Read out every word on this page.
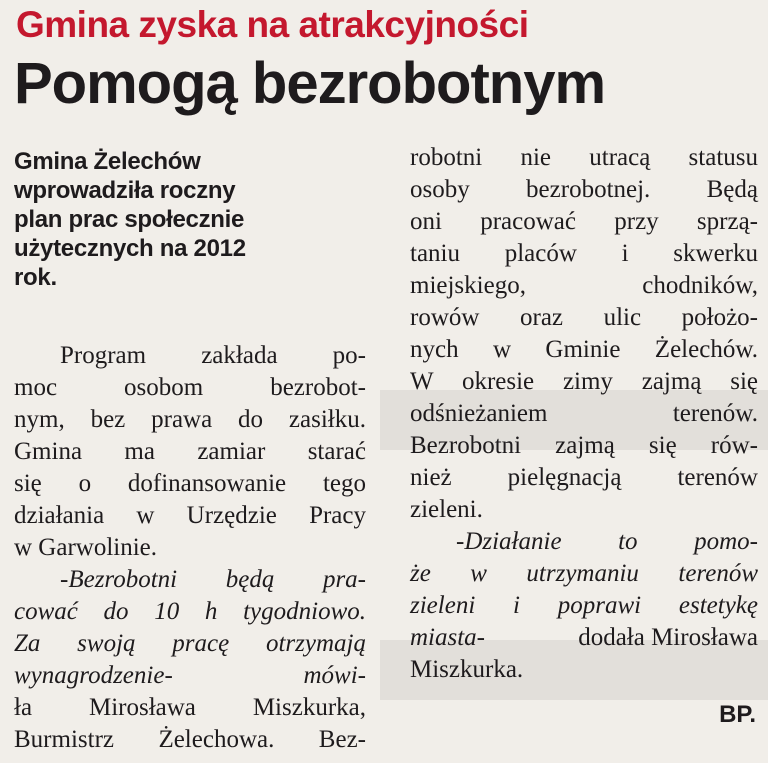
Gmina zyska na atrakcyjności
Pomogą bezrobotnym
Gmina Żelechów
wprowadziła roczny
plan prac społecznie
użytecznych na 2012
rok.
Program zakłada po-
moc osobom bezrobot-
nym, bez prawa do zasiłku.
Gmina ma zamiar starać
się o dofinansowanie tego
działania w Urzędzie Pracy
w Garwolinie.
-Bezrobotni będą pra-
cować do 10 h tygodniowo.
Za swoją pracę otrzymają
wynagrodzenie- mówi-
ła Mirosława Miszkurka,
Burmistrz Żelechowa. Bez-
robotni nie utracą statusu
osoby bezrobotnej. Będą
oni pracować przy sprzą-
taniu placów i skwerku
miejskiego, chodników,
rowów oraz ulic położo-
nych w Gminie Żelechów.
W okresie zimy zajmą się
odśnieżaniem terenów.
Bezrobotni zajmą się rów-
nież pielęgnacją terenów
zieleni.
-Działanie to pomo-
że w utrzymaniu terenów
zieleni i poprawi estetykę
miasta-	dodała Mirosława
Miszkurka.
BP.
